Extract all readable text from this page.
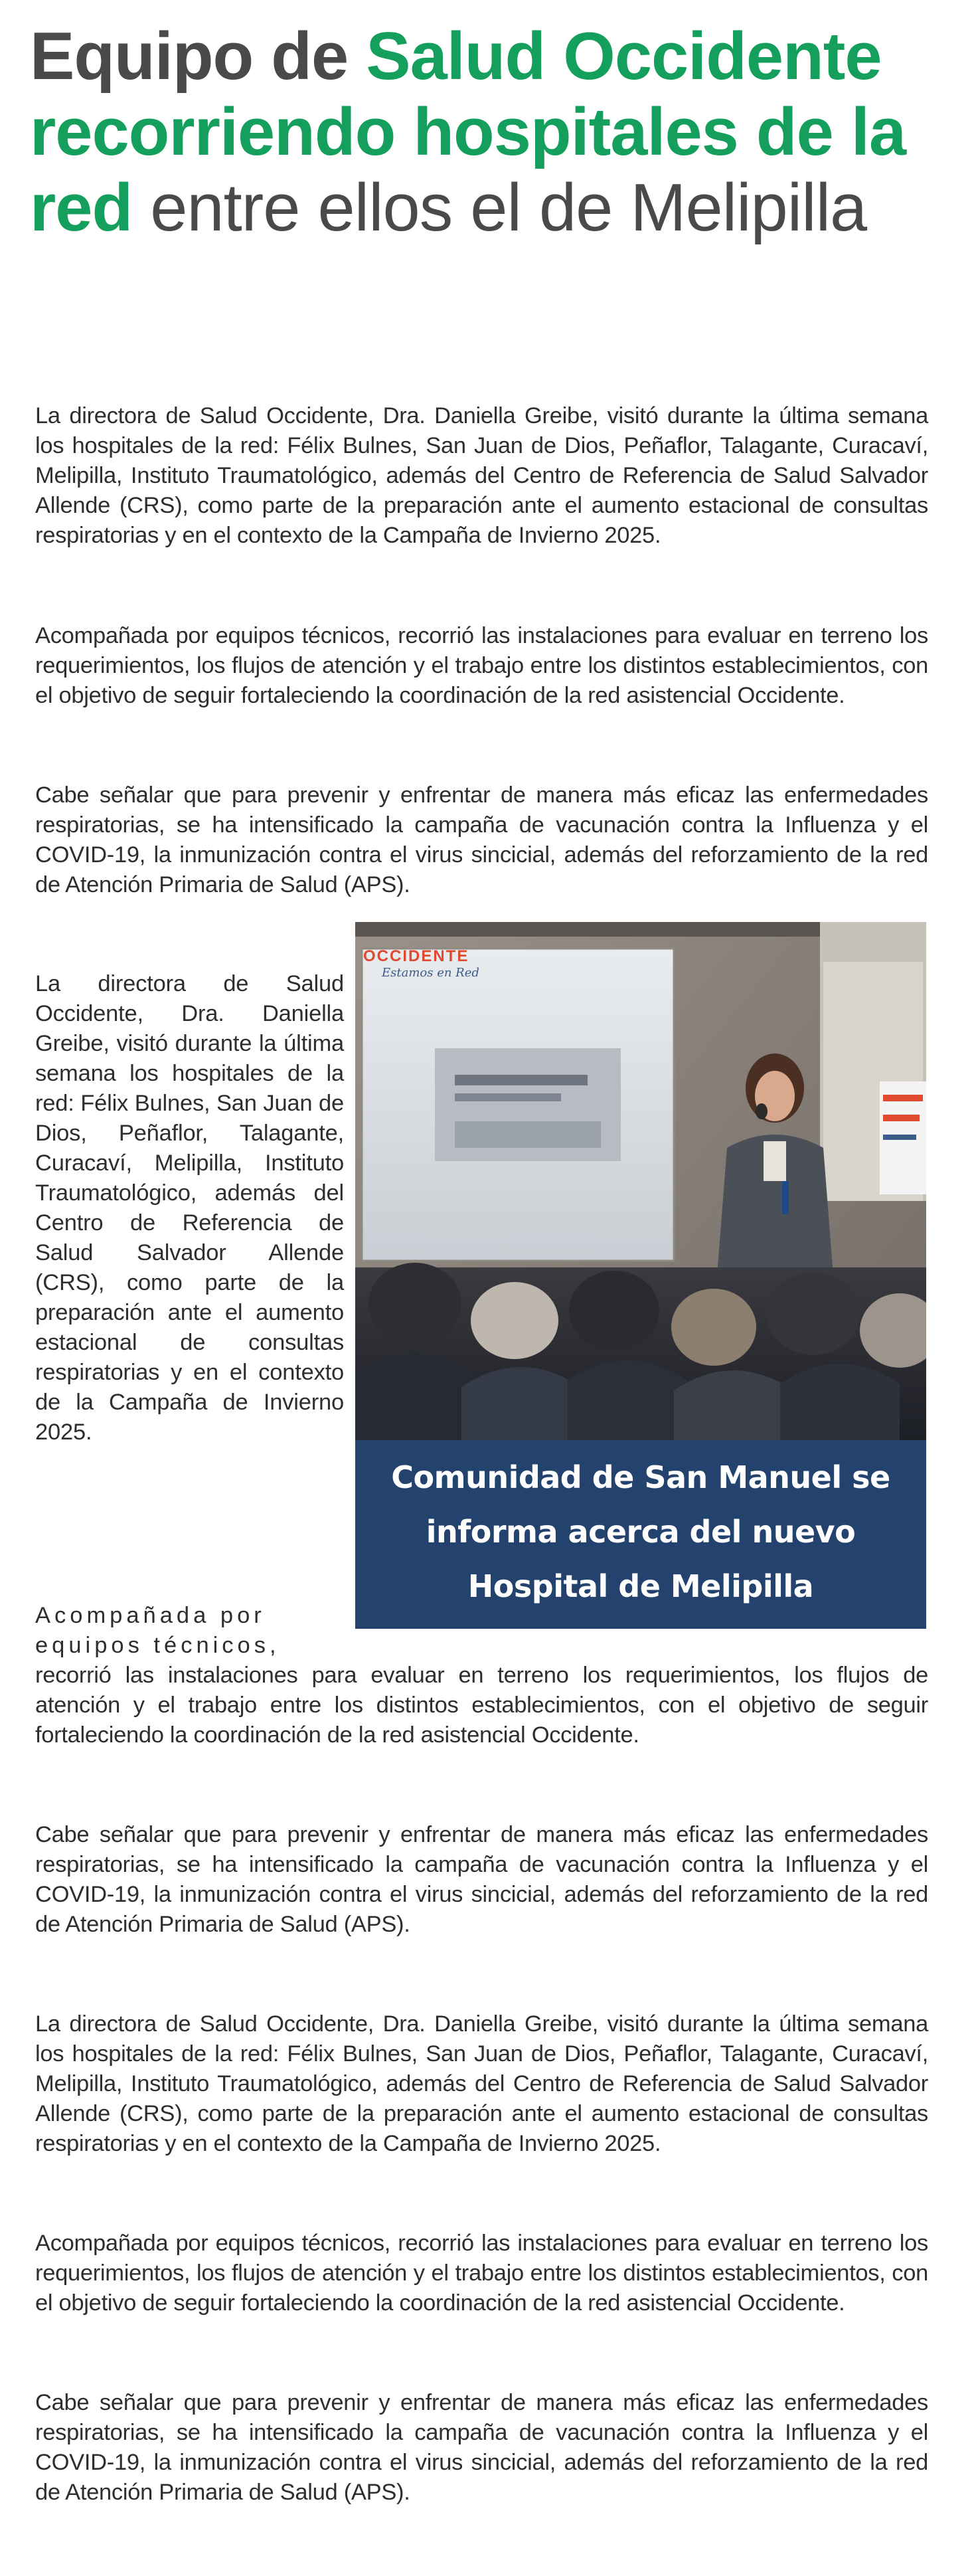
Equipo de Salud Occidente recorriendo hospitales de la red entre ellos el de Melipilla

La directora de Salud Occidente, Dra. Daniella Greibe, visitó durante la última semana los hospitales de la red: Félix Bulnes, San Juan de Dios, Peñaflor, Talagante, Curacaví, Melipilla, Instituto Traumatológico, además del Centro de Referencia de Salud Salvador Allende (CRS), como parte de la preparación ante el aumento estacional de consultas respiratorias y en el contexto de la Campaña de Invierno 2025.

Acompañada por equipos técnicos, recorrió las instalaciones para evaluar en terreno los requerimientos, los flujos de atención y el trabajo entre los distintos establecimientos, con el objetivo de seguir fortaleciendo la coordinación de la red asistencial Occidente.

Cabe señalar que para prevenir y enfrentar de manera más eficaz las enfermedades respiratorias, se ha intensificado la campaña de vacunación contra la Influenza y el COVID-19, la inmunización contra el virus sincicial, además del reforzamiento de la red de Atención Primaria de Salud (APS).

La directora de Salud Occidente, Dra. Daniella Greibe, visitó durante la última semana los hospitales de la red: Félix Bulnes, San Juan de Dios, Peñaflor, Talagante, Curacaví, Melipilla, Instituto Traumatológico, además del Centro de Referencia de Salud Salvador Allende (CRS), como parte de la preparación ante el aumento estacional de consultas respiratorias y en el contexto de la Campaña de Invierno 2025.

OCCIDENTE
Estamos en Red
Comunidad de San Manuel se
informa acerca del nuevo
Hospital de Melipilla

Acompañada por equipos técnicos,

recorrió las instalaciones para evaluar en terreno los requerimientos, los flujos de atención y el trabajo entre los distintos establecimientos, con el objetivo de seguir fortaleciendo la coordinación de la red asistencial Occidente.

Cabe señalar que para prevenir y enfrentar de manera más eficaz las enfermedades respiratorias, se ha intensificado la campaña de vacunación contra la Influenza y el COVID-19, la inmunización contra el virus sincicial, además del reforzamiento de la red de Atención Primaria de Salud (APS).

La directora de Salud Occidente, Dra. Daniella Greibe, visitó durante la última semana los hospitales de la red: Félix Bulnes, San Juan de Dios, Peñaflor, Talagante, Curacaví, Melipilla, Instituto Traumatológico, además del Centro de Referencia de Salud Salvador Allende (CRS), como parte de la preparación ante el aumento estacional de consultas respiratorias y en el contexto de la Campaña de Invierno 2025.

Acompañada por equipos técnicos, recorrió las instalaciones para evaluar en terreno los requerimientos, los flujos de atención y el trabajo entre los distintos establecimientos, con el objetivo de seguir fortaleciendo la coordinación de la red asistencial Occidente.

Cabe señalar que para prevenir y enfrentar de manera más eficaz las enfermedades respiratorias, se ha intensificado la campaña de vacunación contra la Influenza y el COVID-19, la inmunización contra el virus sincicial, además del reforzamiento de la red de Atención Primaria de Salud (APS).
